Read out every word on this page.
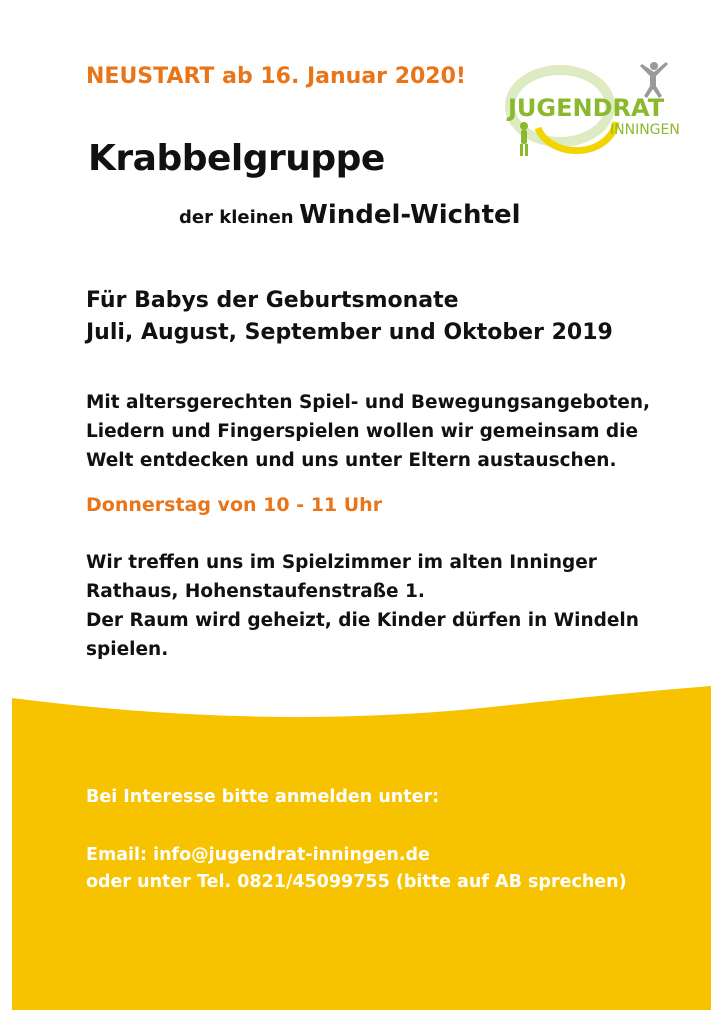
NEUSTART ab 16. Januar 2020!
JUGENDRAT
INNINGEN
Krabbelgruppe
der kleinen Windel-Wichtel
Für Babys der Geburtsmonate
Juli, August, September und Oktober 2019
Mit altersgerechten Spiel- und Bewegungsangeboten,
Liedern und Fingerspielen wollen wir gemeinsam die
Welt entdecken und uns unter Eltern austauschen.
Donnerstag von 10 - 11 Uhr
Wir treffen uns im Spielzimmer im alten Inninger
Rathaus, Hohenstaufenstraße 1.
Der Raum wird geheizt, die Kinder dürfen in Windeln
spielen.
Bei Interesse bitte anmelden unter:
Email: info@jugendrat-inningen.de
oder unter Tel. 0821/45099755 (bitte auf AB sprechen)
